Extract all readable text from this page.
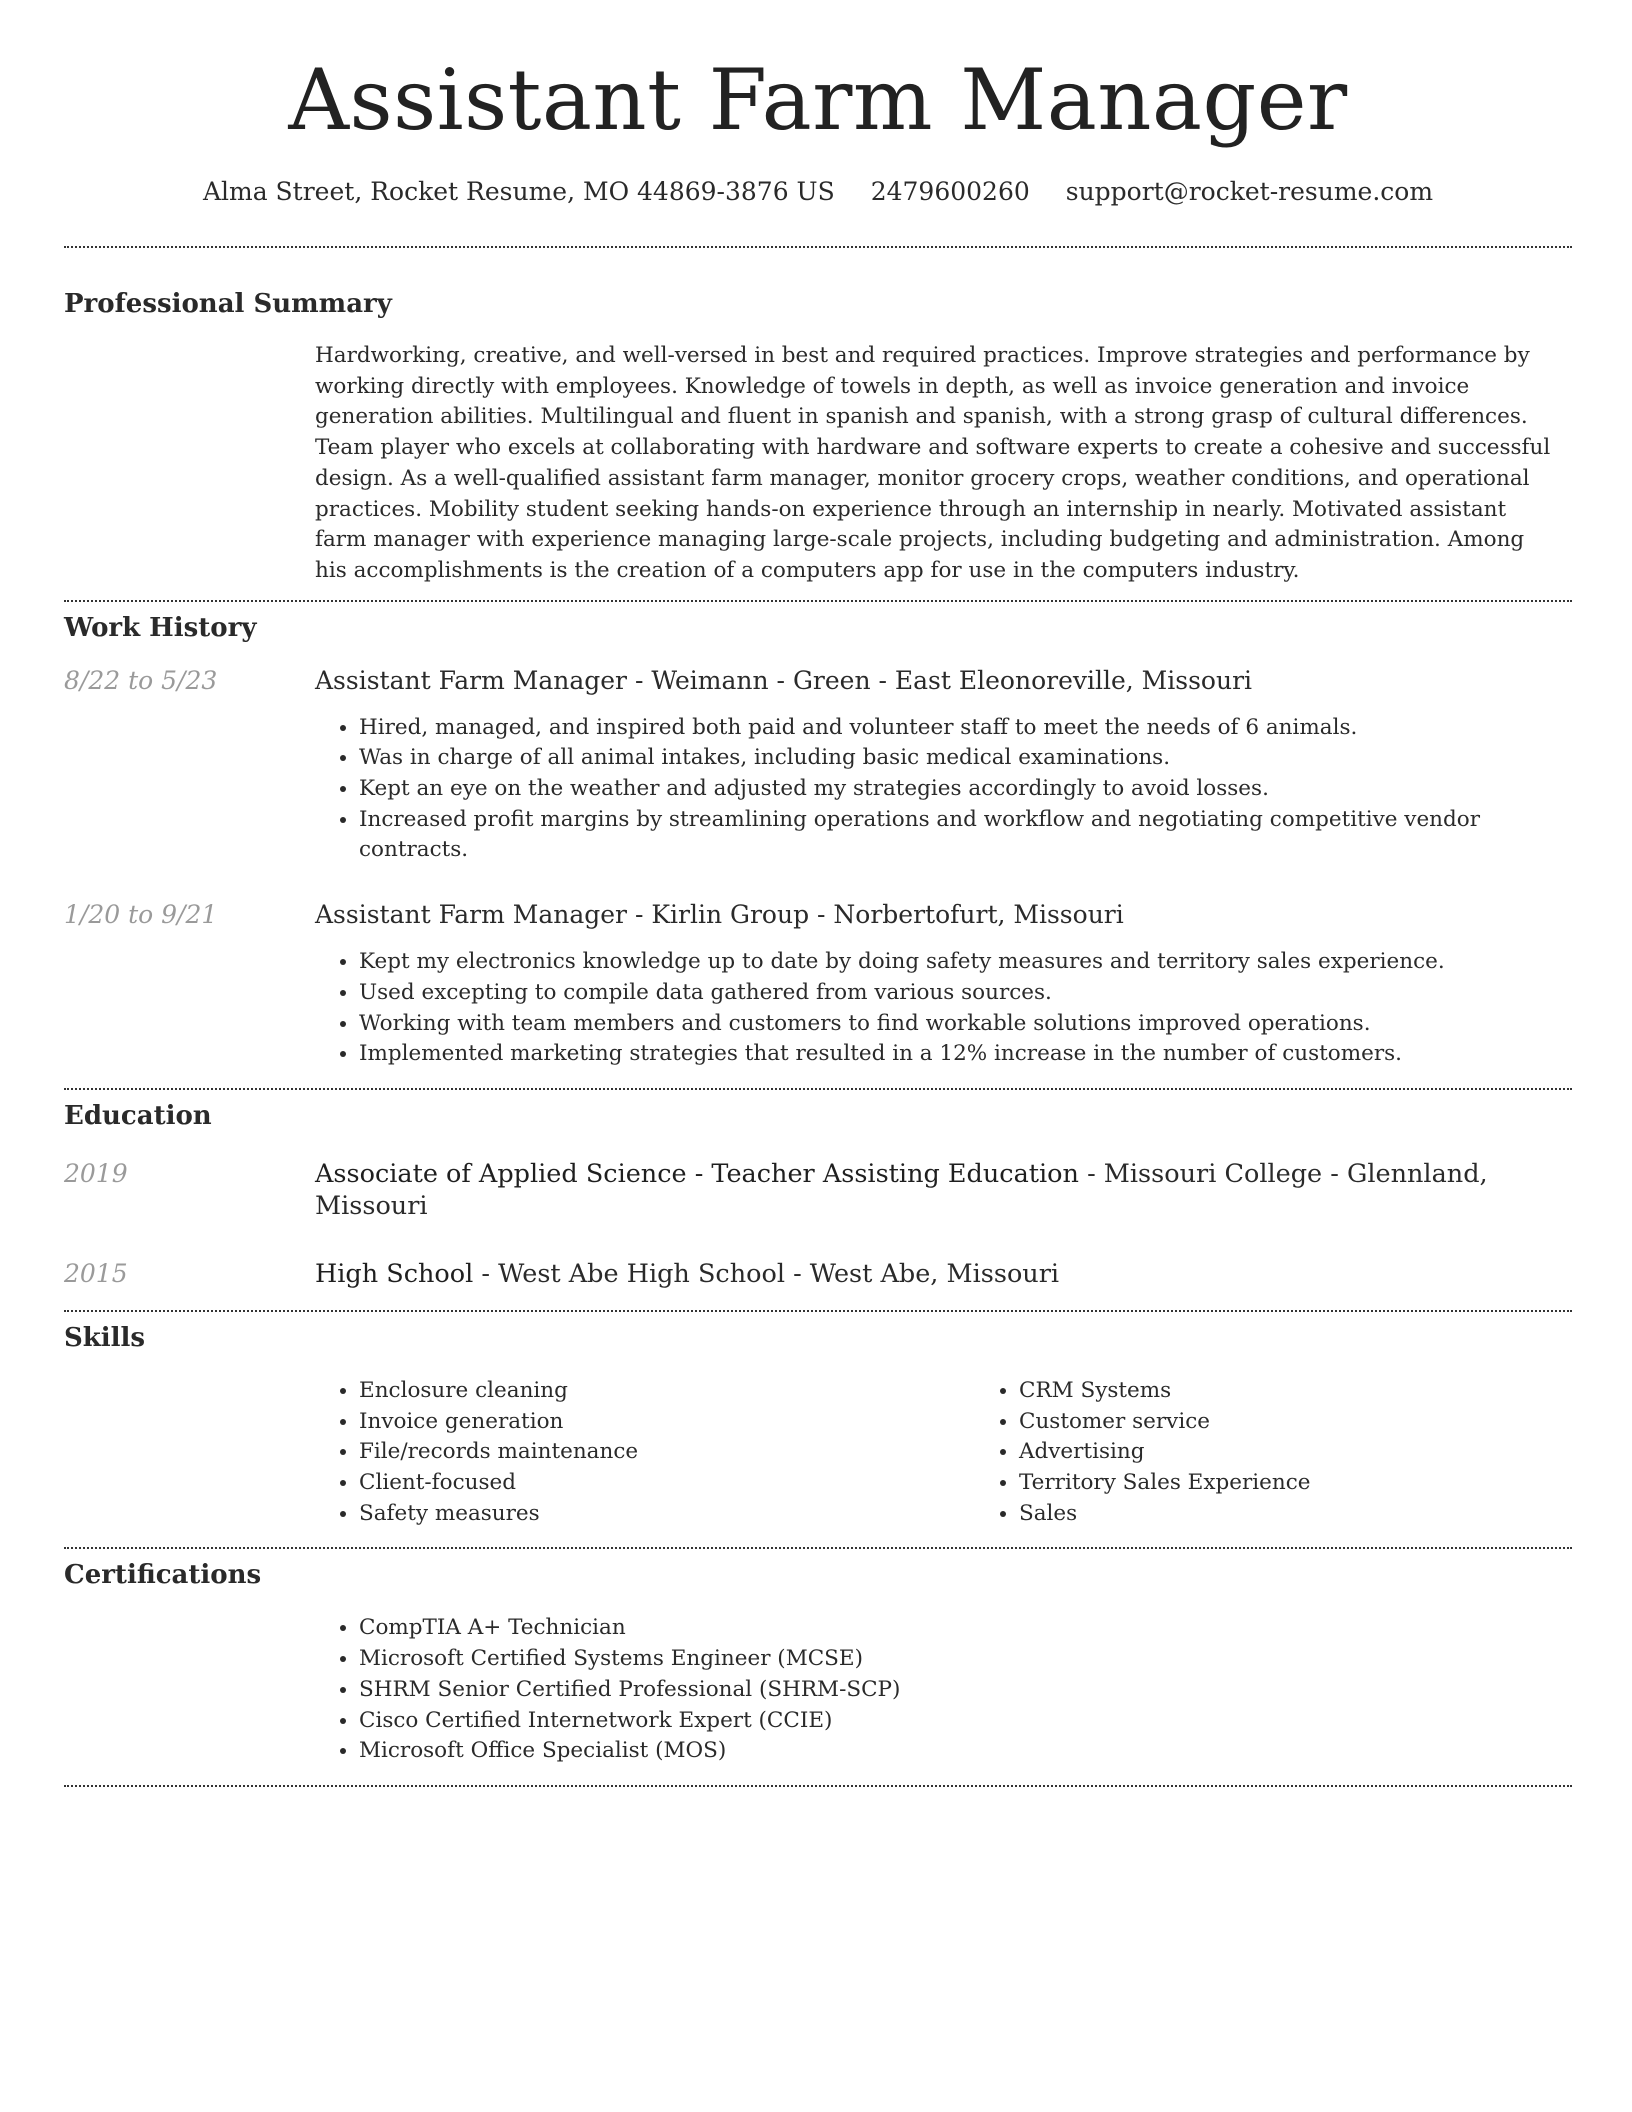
Assistant Farm Manager
Alma Street, Rocket Resume, MO 44869-3876 US 2479600260 support@rocket-resume.com
Professional Summary

Hardworking, creative, and well-versed in best and required practices. Improve strategies and performance by working directly with employees. Knowledge of towels in depth, as well as invoice generation and invoice generation abilities. Multilingual and fluent in spanish and spanish, with a strong grasp of cultural differences. Team player who excels at collaborating with hardware and software experts to create a cohesive and successful design. As a well-qualified assistant farm manager, monitor grocery crops, weather conditions, and operational practices. Mobility student seeking hands-on experience through an internship in nearly. Motivated assistant farm manager with experience managing large-scale projects, including budgeting and administration. Among his accomplishments is the creation of a computers app for use in the computers industry.

Work History
8/22 to 5/23	Assistant Farm Manager - Weimann - Green - East Eleonoreville, Missouri
• Hired, managed, and inspired both paid and volunteer staff to meet the needs of 6 animals.
• Was in charge of all animal intakes, including basic medical examinations.
• Kept an eye on the weather and adjusted my strategies accordingly to avoid losses.
• Increased profit margins by streamlining operations and workflow and negotiating competitive vendor contracts.
1/20 to 9/21	Assistant Farm Manager - Kirlin Group - Norbertofurt, Missouri
• Kept my electronics knowledge up to date by doing safety measures and territory sales experience.
• Used excepting to compile data gathered from various sources.
• Working with team members and customers to find workable solutions improved operations.
• Implemented marketing strategies that resulted in a 12% increase in the number of customers.
Education
2019	Associate of Applied Science - Teacher Assisting Education - Missouri College - Glennland, Missouri
2015	High School - West Abe High School - West Abe, Missouri
Skills
• Enclosure cleaning
• Invoice generation
• File/records maintenance
• Client-focused
• Safety measures
• CRM Systems
• Customer service
• Advertising
• Territory Sales Experience
• Sales
Certifications
• CompTIA A+ Technician
• Microsoft Certified Systems Engineer (MCSE)
• SHRM Senior Certified Professional (SHRM-SCP)
• Cisco Certified Internetwork Expert (CCIE)
• Microsoft Office Specialist (MOS)
